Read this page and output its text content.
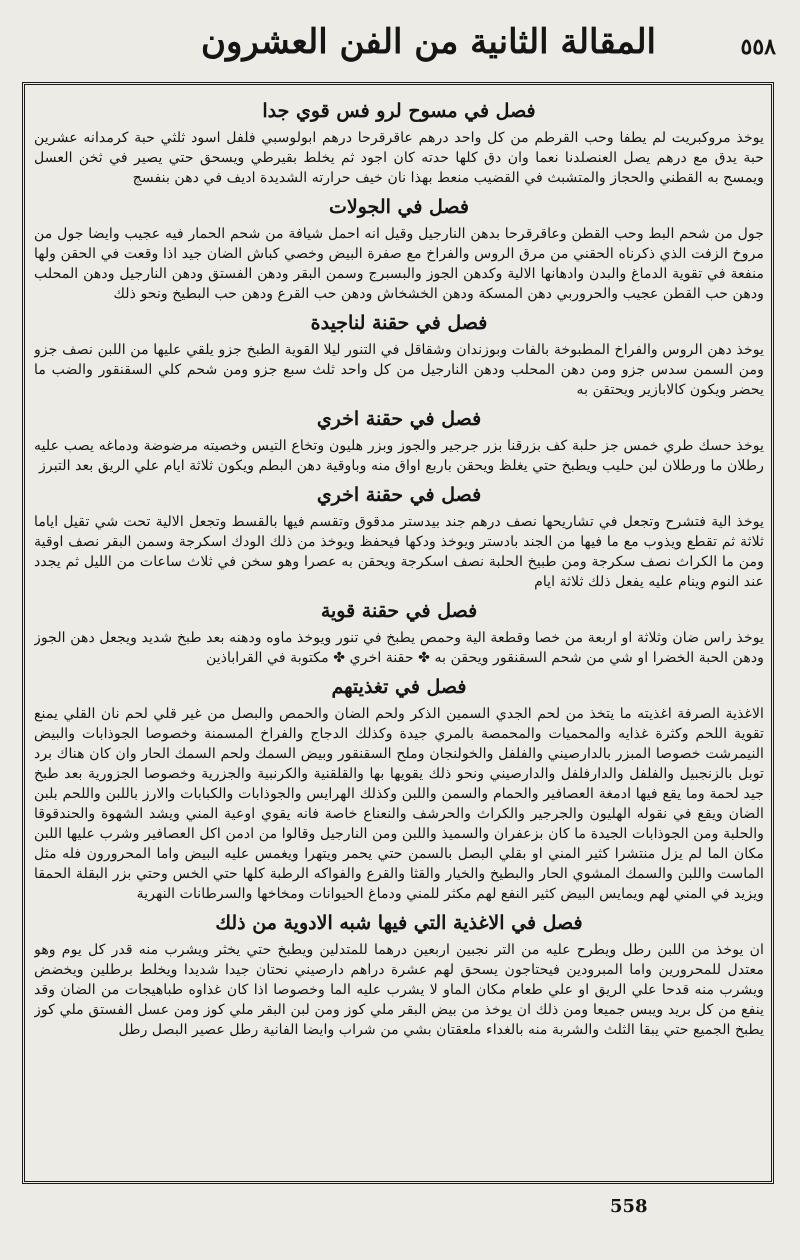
المقالة الثانية من الفن العشرون	٥٥٨
فصل في مسوح لرو فس قوي جدا

يوخذ مروكبريت لم يطفا وحب القرطم من كل واحد درهم عاقرقرحا درهم ابولوسبي فلفل اسود ثلثي حبة كرمدانه عشرين حبة يدق مع درهم يصل العنصلدنا نعما وان دق كلها حدته كان اجود ثم يخلط بقيرطي ويسحق حتي يصير في ثخن العسل ويمسح به القطني والحجاز والمتشبث في القضيب منعط بهذا نان خيف حرارته الشديدة اديف في دهن بنفسج

فصل في الجولات

جول من شحم البط وحب القطن وعاقرقرحا بدهن النارجيل وقيل انه احمل شيافة من شحم الحمار فيه عجيب وايضا جول من مروخ الزفت الذي ذكرناه الحقني من مرق الروس والفراخ مع صفرة البيض وخصي كباش الضان جيد اذا وقعت في الحقن ولها منفعة في تقوية الدماغ والبدن وادهانها الالية وكدهن الجوز والبسبرج وسمن البقر ودهن الفستق ودهن النارجيل ودهن المحلب ودهن حب القطن عجيب والحروربي دهن المسكة ودهن الخشخاش ودهن حب القرع ودهن حب البطيخ ونحو ذلك

فصل في حقنة لناجيدة

يوخذ دهن الروس والفراخ المطبوخة بالفات وبوزندان وشقاقل في التنور ليلا القوية الطبخ جزو يلقي عليها من اللبن نصف جزو ومن السمن سدس جزو ومن دهن المحلب ودهن النارجيل من كل واحد ثلث سبع جزو ومن شحم كلي السقنقور والضب ما يحضر ويكون كالابازير ويحتقن به

فصل في حقنة اخري

يوخذ حسك طري خمس جز حلبة كف بزرقنا بزر جرجير والجوز وبزر هليون وتخاع التيس وخصيته مرضوضة ودماغه يصب عليه رطلان ما ورطلان لبن حليب ويطبخ حتي يغلظ ويحقن باربع اواق منه وباوقية دهن البطم ويكون ثلاثة ايام علي الريق بعد التبرز

فصل في حقنة اخري

يوخذ الية فتشرح وتجعل في تشاريحها نصف درهم جند بيدستر مدقوق وتقسم فيها بالقسط وتجعل الالية تحت شي تقيل اياما ثلاثة ثم تقطع ويذوب مع ما فيها من الجند بادستر ويوخذ ودكها فيحفظ ويوخذ من ذلك الودك اسكرجة وسمن البقر نصف اوقية ومن ما الكراث نصف سكرجة ومن طبيخ الحلبة نصف اسكرجة ويحقن به عصرا وهو سخن في ثلاث ساعات من الليل ثم يجدد عند النوم وينام عليه يفعل ذلك ثلاثة ايام

فصل في حقنة قوية

يوخذ راس ضان وثلاثة او اربعة من خصا وقطعة الية وحمص يطبخ في تنور ويوخذ ماوه ودهنه بعد طبخ شديد ويجعل دهن الجوز ودهن الحبة الخضرا او شي من شحم السقنقور ويحقن به ✤ حقنة اخري ✤ مكتوبة في القراباذين

فصل في تغذيتهم

الاغذية الصرفة اغذيته ما يتخذ من لحم الجدي السمين الذكر ولحم الضان والحمص والبصل من غير قلي لحم نان القلي يمنع تقوية اللحم وكثرة غذايه والمحميات والمحمصة بالمري جيدة وكذلك الدجاج والفراخ المسمنة وخصوصا الجوذابات والبيض النيمرشت خصوصا المبزر بالدارصيني والفلفل والخولنجان وملح السقنقور وبيض السمك ولحم السمك الحار وان كان هناك برد توبل بالزنجبيل والفلفل والدارفلفل والدارصيني ونحو ذلك يقويها بها والقلقنية والكرنبية والجزرية وخصوصا الجزورية بعد طبخ جيد لحمة وما يقع فيها ادمغة العصافير والحمام والسمن واللبن وكذلك الهرايس والجوذابات والكبابات والارز باللبن واللحم بلبن الضان ويقع في نقوله الهليون والجرجير والكراث والحرشف والنعناع خاصة فانه يقوي اوعية المني ويشد الشهوة والحندقوقا والحلبة ومن الجوذابات الجيدة ما كان بزعفران والسميذ واللبن ومن النارجيل وقالوا من ادمن اكل العصافير وشرب عليها اللبن مكان الما لم يزل منتشرا كثير المني او بقلي البصل بالسمن حتي يحمر ويتهرا ويغمس عليه البيض واما المحرورون فله مثل الماست واللبن والسمك المشوي الحار والبطيخ والخيار والقثا والقرع والفواكه الرطبة كلها حتي الخس وحتي بزر البقلة الحمقا ويزيد في المني لهم ويمايس البيض كثير النفع لهم مكثر للمني ودماغ الحيوانات ومخاخها والسرطانات النهرية

فصل في الاغذية التي فيها شبه الادوية من ذلك

ان يوخذ من اللبن رطل ويطرح عليه من التر نجبين اربعين درهما للمتدلين ويطبخ حتي يخثر ويشرب منه قدر كل يوم وهو معتدل للمحرورين واما المبرودين فيحتاجون يسحق لهم عشرة دراهم دارصيني نحتان جيدا شديدا ويخلط برطلين ويخضض ويشرب منه قدحا علي الريق او علي طعام مكان الماو لا يشرب عليه الما وخصوصا اذا كان غذاوه طباهيجات من الضان وقد ينفع من كل بريد ويبس جميعا ومن ذلك ان يوخذ من بيض البقر ملي كوز ومن لبن البقر ملي كوز ومن عسل الفستق ملي كوز يطبخ الجميع حتي يبقا الثلث والشربة منه بالغداء ملعقتان بشي من شراب وايضا الفانية رطل عصير البصل رطل

558
